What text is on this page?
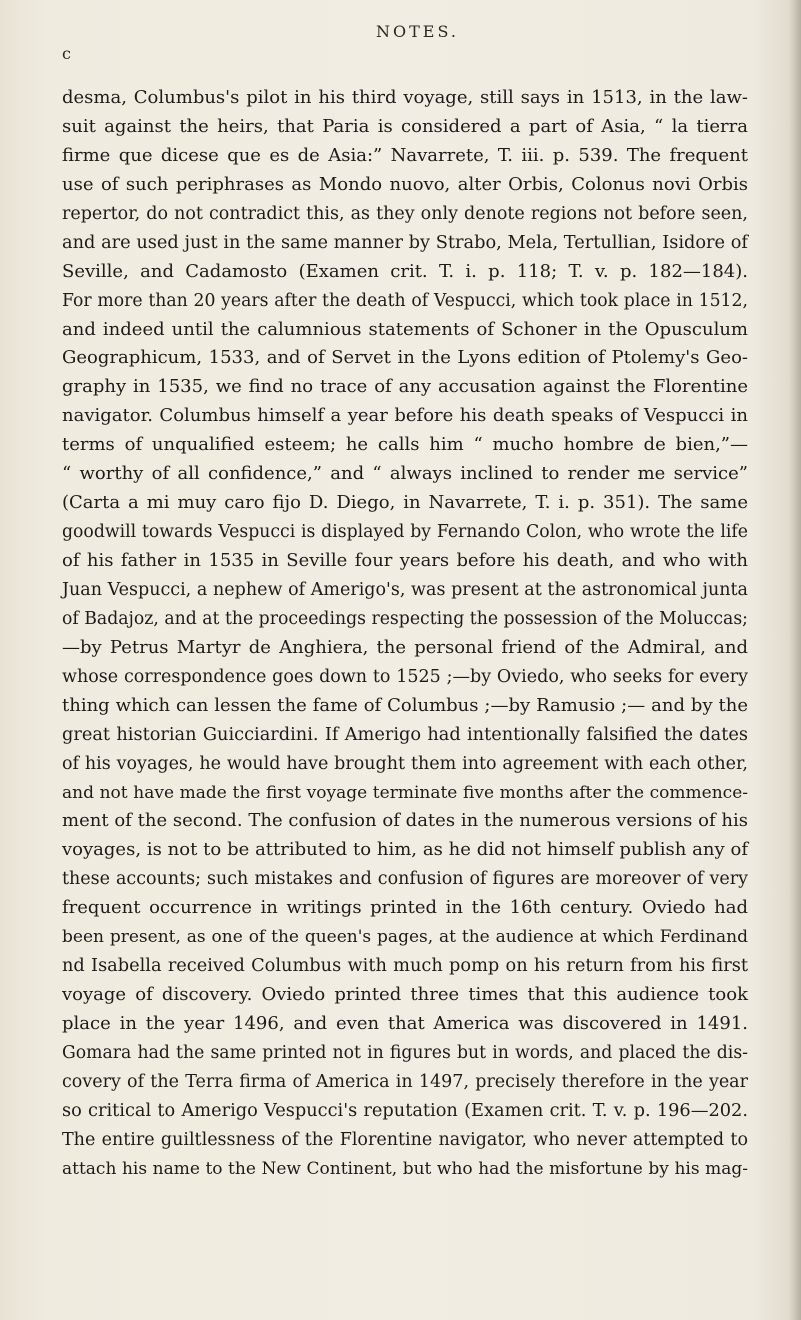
NOTES.
c
desma, Columbus's pilot in his third voyage, still says in 1513, in the law-
suit against the heirs, that Paria is considered a part of Asia, “ la tierra
firme que dicese que es de Asia:” Navarrete, T. iii. p. 539. The frequent
use of such periphrases as Mondo nuovo, alter Orbis, Colonus novi Orbis
repertor, do not contradict this, as they only denote regions not before seen,
and are used just in the same manner by Strabo, Mela, Tertullian, Isidore of
Seville, and Cadamosto (Examen crit. T. i. p. 118; T. v. p. 182—184).
For more than 20 years after the death of Vespucci, which took place in 1512,
and indeed until the calumnious statements of Schoner in the Opusculum
Geographicum, 1533, and of Servet in the Lyons edition of Ptolemy's Geo-
graphy in 1535, we find no trace of any accusation against the Florentine
navigator. Columbus himself a year before his death speaks of Vespucci in
terms of unqualified esteem; he calls him “ mucho hombre de bien,”—
“ worthy of all confidence,” and “ always inclined to render me service”
(Carta a mi muy caro fijo D. Diego, in Navarrete, T. i. p. 351). The same
goodwill towards Vespucci is displayed by Fernando Colon, who wrote the life
of his father in 1535 in Seville four years before his death, and who with
Juan Vespucci, a nephew of Amerigo's, was present at the astronomical junta
of Badajoz, and at the proceedings respecting the possession of the Moluccas;
—by Petrus Martyr de Anghiera, the personal friend of the Admiral, and
whose correspondence goes down to 1525 ;—by Oviedo, who seeks for every
thing which can lessen the fame of Columbus ;—by Ramusio ;— and by the
great historian Guicciardini. If Amerigo had intentionally falsified the dates
of his voyages, he would have brought them into agreement with each other,
and not have made the first voyage terminate five months after the commence-
ment of the second. The confusion of dates in the numerous versions of his
voyages, is not to be attributed to him, as he did not himself publish any of
these accounts; such mistakes and confusion of figures are moreover of very
frequent occurrence in writings printed in the 16th century. Oviedo had
been present, as one of the queen's pages, at the audience at which Ferdinand
nd Isabella received Columbus with much pomp on his return from his first
voyage of discovery. Oviedo printed three times that this audience took
place in the year 1496, and even that America was discovered in 1491.
Gomara had the same printed not in figures but in words, and placed the dis-
covery of the Terra firma of America in 1497, precisely therefore in the year
so critical to Amerigo Vespucci's reputation (Examen crit. T. v. p. 196—202.
The entire guiltlessness of the Florentine navigator, who never attempted to
attach his name to the New Continent, but who had the misfortune by his mag-
